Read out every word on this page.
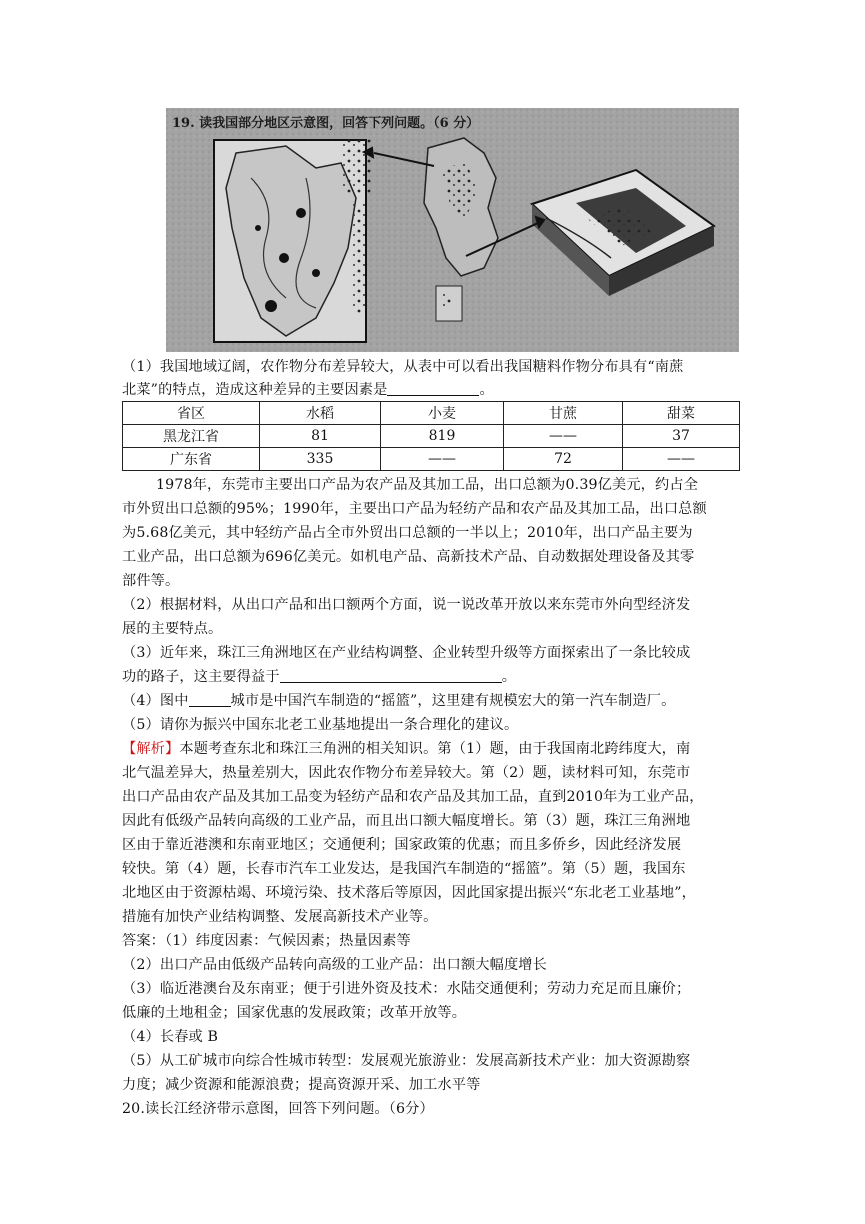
19. 读我国部分地区示意图，回答下列问题。（6 分）
（1）我国地域辽阔，农作物分布差异较大，从表中可以看出我国糖料作物分布具有“南蔗
北菜”的特点，造成这种差异的主要因素是	。
省区	水稻	小麦	甘蔗	甜菜
黑龙江省	81	819	——	37
广东省	335	——	72	——
1978年，东莞市主要出口产品为农产品及其加工品，出口总额为0.39亿美元，约占全
市外贸出口总额的95%；1990年，主要出口产品为轻纺产品和农产品及其加工品，出口总额
为5.68亿美元，其中轻纺产品占全市外贸出口总额的一半以上；2010年，出口产品主要为
工业产品，出口总额为696亿美元。如机电产品、高新技术产品、自动数据处理设备及其零
部件等。
（2）根据材料，从出口产品和出口额两个方面，说一说改革开放以来东莞市外向型经济发
展的主要特点。
（3）近年来，珠江三角洲地区在产业结构调整、企业转型升级等方面探索出了一条比较成
功的路子，这主要得益于	。
（4）图中	城市是中国汽车制造的“摇篮”，这里建有规模宏大的第一汽车制造厂。
（5）请你为振兴中国东北老工业基地提出一条合理化的建议。
【解析】本题考查东北和珠江三角洲的相关知识。第（1）题，由于我国南北跨纬度大，南
北气温差异大，热量差别大，因此农作物分布差异较大。第（2）题，读材料可知，东莞市
出口产品由农产品及其加工品变为轻纺产品和农产品及其加工品，直到2010年为工业产品，
因此有低级产品转向高级的工业产品，而且出口额大幅度增长。第（3）题，珠江三角洲地
区由于靠近港澳和东南亚地区；交通便利；国家政策的优惠；而且多侨乡，因此经济发展
较快。第（4）题，长春市汽车工业发达，是我国汽车制造的“摇篮”。第（5）题，我国东
北地区由于资源枯竭、环境污染、技术落后等原因，因此国家提出振兴“东北老工业基地”，
措施有加快产业结构调整、发展高新技术产业等。
答案：（1）纬度因素：气候因素；热量因素等
（2）出口产品由低级产品转向高级的工业产品：出口额大幅度增长
（3）临近港澳台及东南亚；便于引进外资及技术：水陆交通便利；劳动力充足而且廉价；
低廉的土地租金；国家优惠的发展政策；改革开放等。
（4）长春或 B
（5）从工矿城市向综合性城市转型：发展观光旅游业：发展高新技术产业：加大资源勘察
力度；减少资源和能源浪费；提高资源开采、加工水平等
20.读长江经济带示意图，回答下列问题。（6分）
